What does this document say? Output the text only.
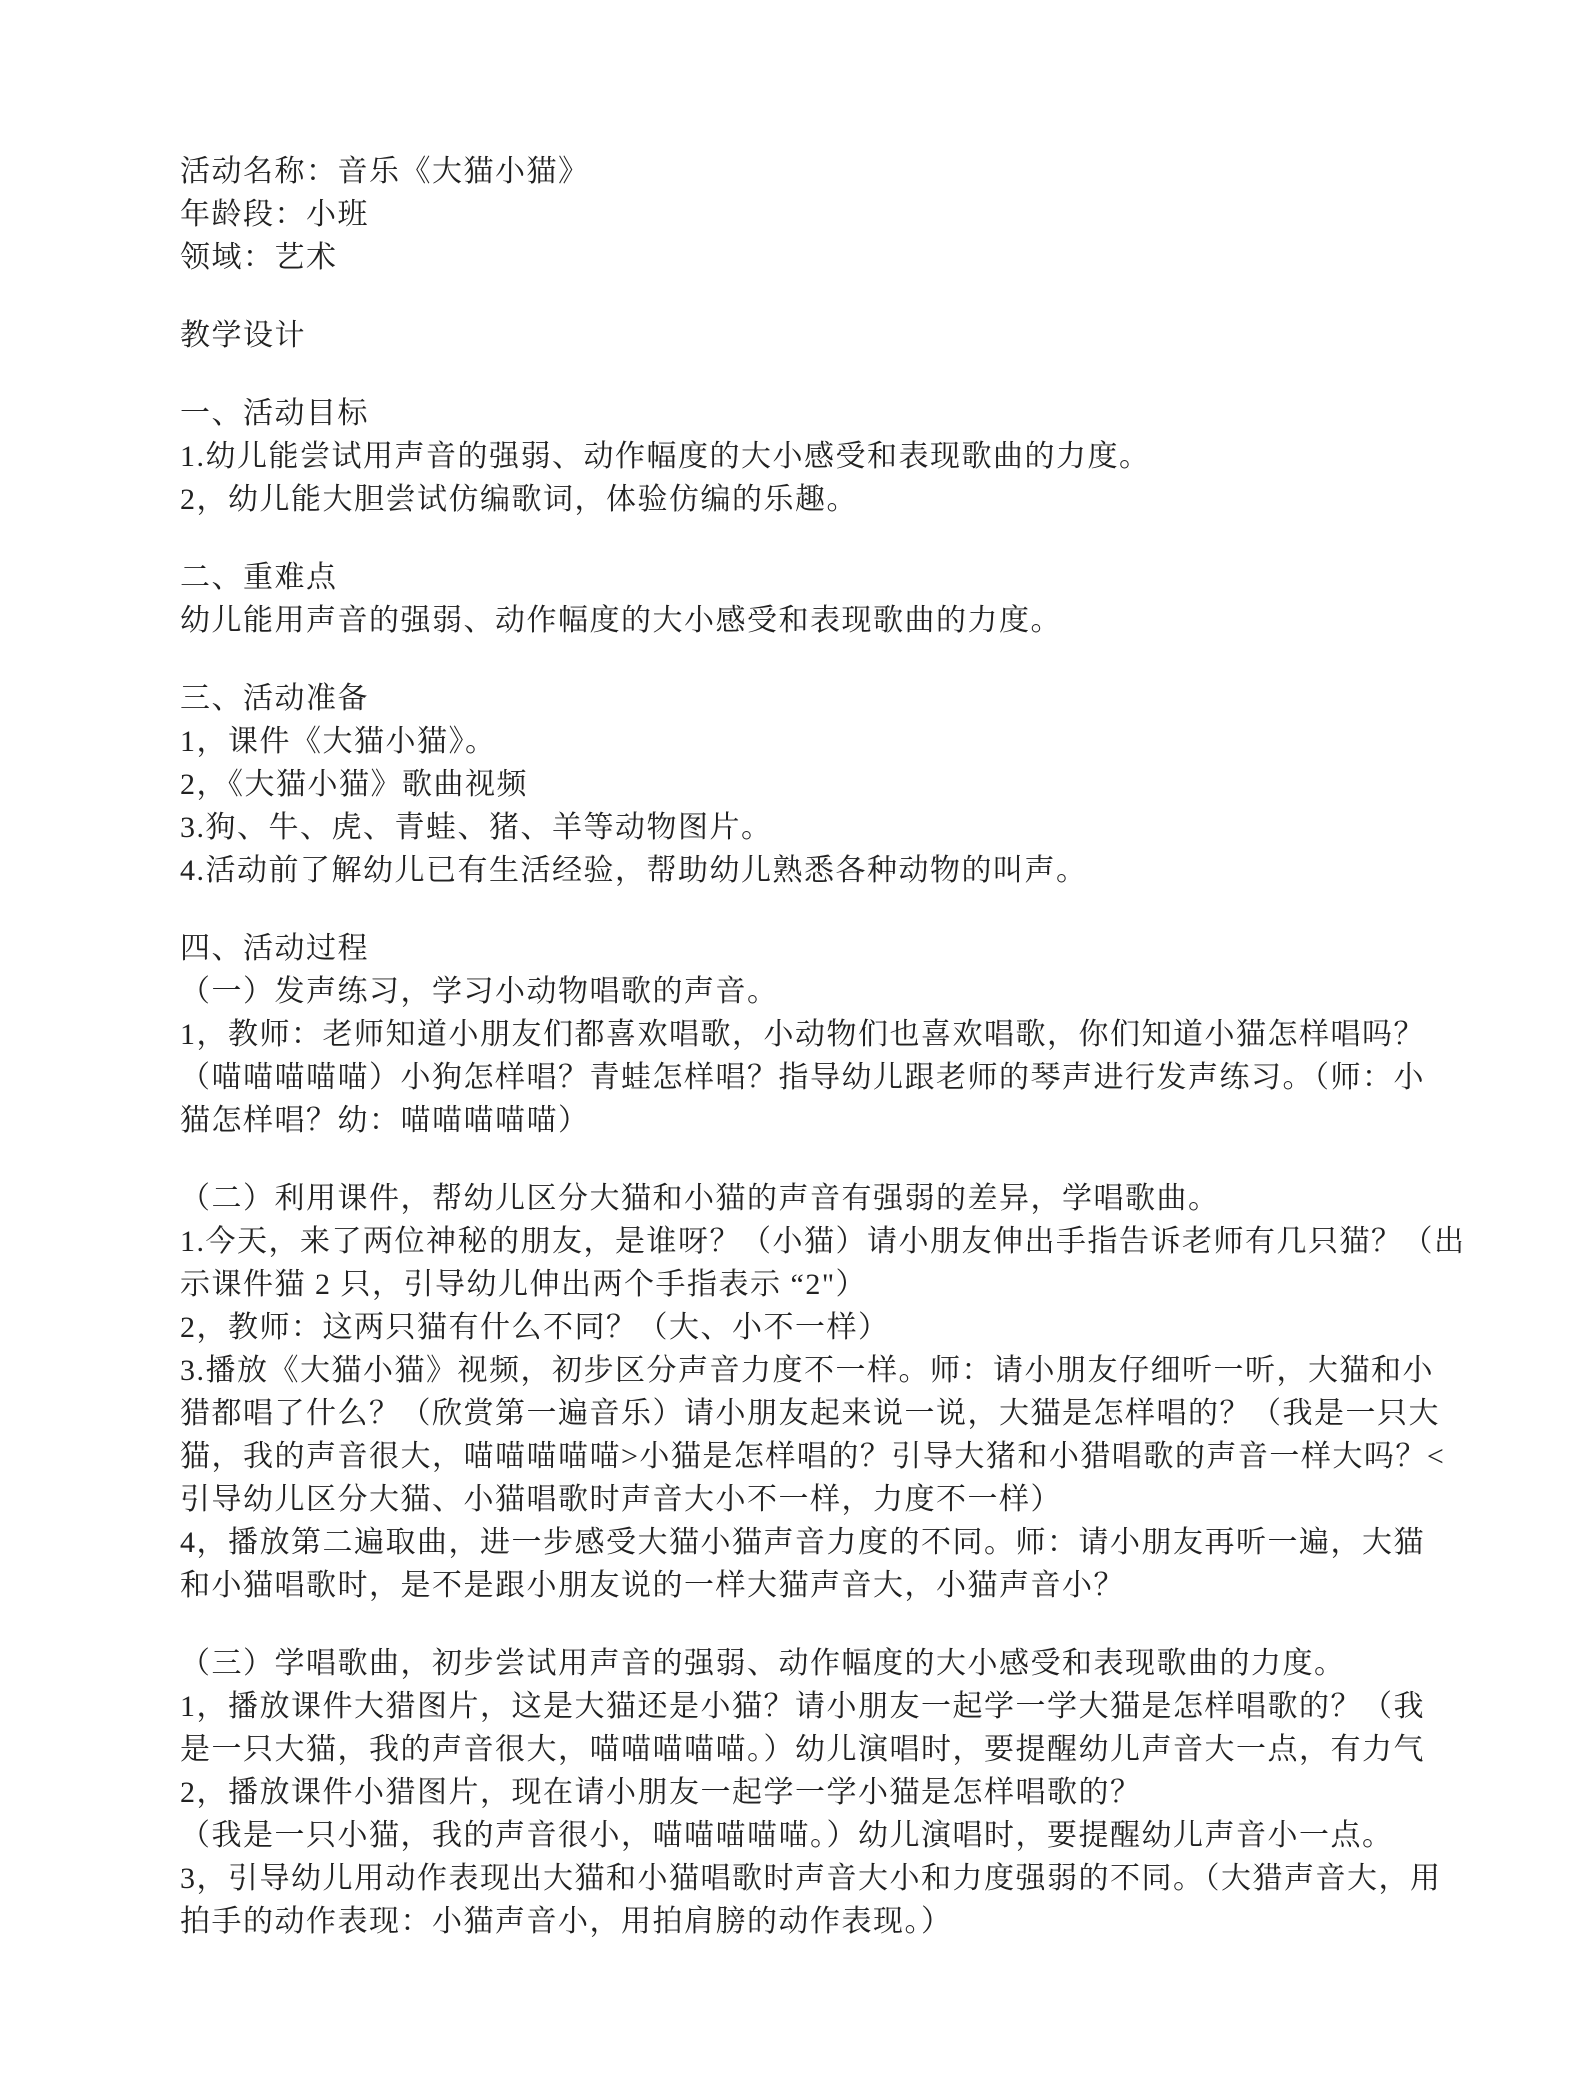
活动名称：音乐《大猫小猫》
年龄段：小班
领域：艺术
教学设计
一、活动目标
1.幼儿能尝试用声音的强弱、动作幅度的大小感受和表现歌曲的力度。
2，幼儿能大胆尝试仿编歌词，体验仿编的乐趣。
二、重难点
幼儿能用声音的强弱、动作幅度的大小感受和表现歌曲的力度。
三、活动准备
1，课件《大猫小猫》。
2，《大猫小猫》歌曲视频
3.狗、牛、虎、青蛙、猪、羊等动物图片。
4.活动前了解幼儿已有生活经验，帮助幼儿熟悉各种动物的叫声。
四、活动过程
（一）发声练习，学习小动物唱歌的声音。
1，教师：老师知道小朋友们都喜欢唱歌，小动物们也喜欢唱歌，你们知道小猫怎样唱吗？
（喵喵喵喵喵）小狗怎样唱？青蛙怎样唱？指导幼儿跟老师的琴声进行发声练习。（师：小
猫怎样唱？幼：喵喵喵喵喵）
（二）利用课件，帮幼儿区分大猫和小猫的声音有强弱的差异，学唱歌曲。
1.今天，来了两位神秘的朋友，是谁呀？（小猫）请小朋友伸出手指告诉老师有几只猫？（出
示课件猫 2 只，引导幼儿伸出两个手指表示 “2"）
2，教师：这两只猫有什么不同？（大、小不一样）
3.播放《大猫小猫》视频，初步区分声音力度不一样。师：请小朋友仔细听一听，大猫和小
猎都唱了什么？（欣赏第一遍音乐）请小朋友起来说一说，大猫是怎样唱的？（我是一只大
猫，我的声音很大，喵喵喵喵喵>小猫是怎样唱的？引导大猪和小猎唱歌的声音一样大吗？<
引导幼儿区分大猫、小猫唱歌时声音大小不一样，力度不一样）
4，播放第二遍取曲，进一步感受大猫小猫声音力度的不同。师：请小朋友再听一遍，大猫
和小猫唱歌时，是不是跟小朋友说的一样大猫声音大，小猫声音小？
（三）学唱歌曲，初步尝试用声音的强弱、动作幅度的大小感受和表现歌曲的力度。
1，播放课件大猎图片，这是大猫还是小猫？请小朋友一起学一学大猫是怎样唱歌的？（我
是一只大猫，我的声音很大，喵喵喵喵喵。）幼儿演唱时，要提醒幼儿声音大一点，有力气
2，播放课件小猎图片，现在请小朋友一起学一学小猫是怎样唱歌的？
（我是一只小猫，我的声音很小，喵喵喵喵喵。）幼儿演唱时，要提醒幼儿声音小一点。
3，引导幼儿用动作表现出大猫和小猫唱歌时声音大小和力度强弱的不同。（大猎声音大，用
拍手的动作表现：小猫声音小，用拍肩膀的动作表现。）
